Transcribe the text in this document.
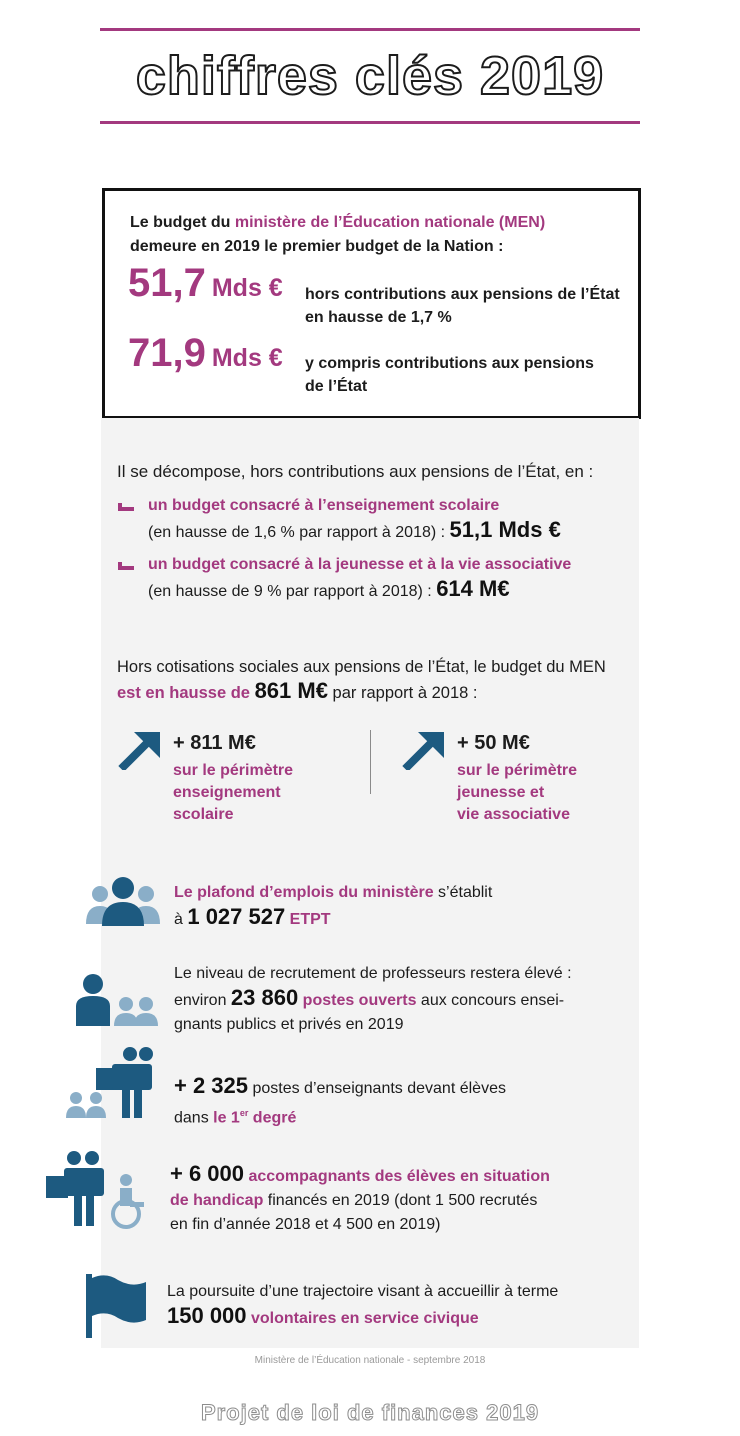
chiffres clés 2019
Le budget du ministère de l’Éducation nationale (MEN)
demeure en 2019 le premier budget de la Nation :
51,7 Mds € hors contributions aux pensions de l’État
en hausse de 1,7 %
71,9 Mds € y compris contributions aux pensions
de l’État
Il se décompose, hors contributions aux pensions de l’État, en :
un budget consacré à l’enseignement scolaire
(en hausse de 1,6 % par rapport à 2018) : 51,1 Mds €
un budget consacré à la jeunesse et à la vie associative
(en hausse de 9 % par rapport à 2018) : 614 M€
Hors cotisations sociales aux pensions de l’État, le budget du MEN
est en hausse de 861 M€ par rapport à 2018 :
+ 811 M€
sur le périmètre
enseignement
scolaire
+ 50 M€
sur le périmètre
jeunesse et
vie associative
Le plafond d’emplois du ministère s’établit
à 1 027 527 ETPT
Le niveau de recrutement de professeurs restera élevé :
environ 23 860 postes ouverts aux concours ensei-
gnants publics et privés en 2019
+ 2 325 postes d’enseignants devant élèves
dans le 1er degré
+ 6 000 accompagnants des élèves en situation
de handicap financés en 2019 (dont 1 500 recrutés
en fin d’année 2018 et 4 500 en 2019)
La poursuite d’une trajectoire visant à accueillir à terme
150 000 volontaires en service civique
Ministère de l’Éducation nationale - septembre 2018
Projet de loi de finances 2019
